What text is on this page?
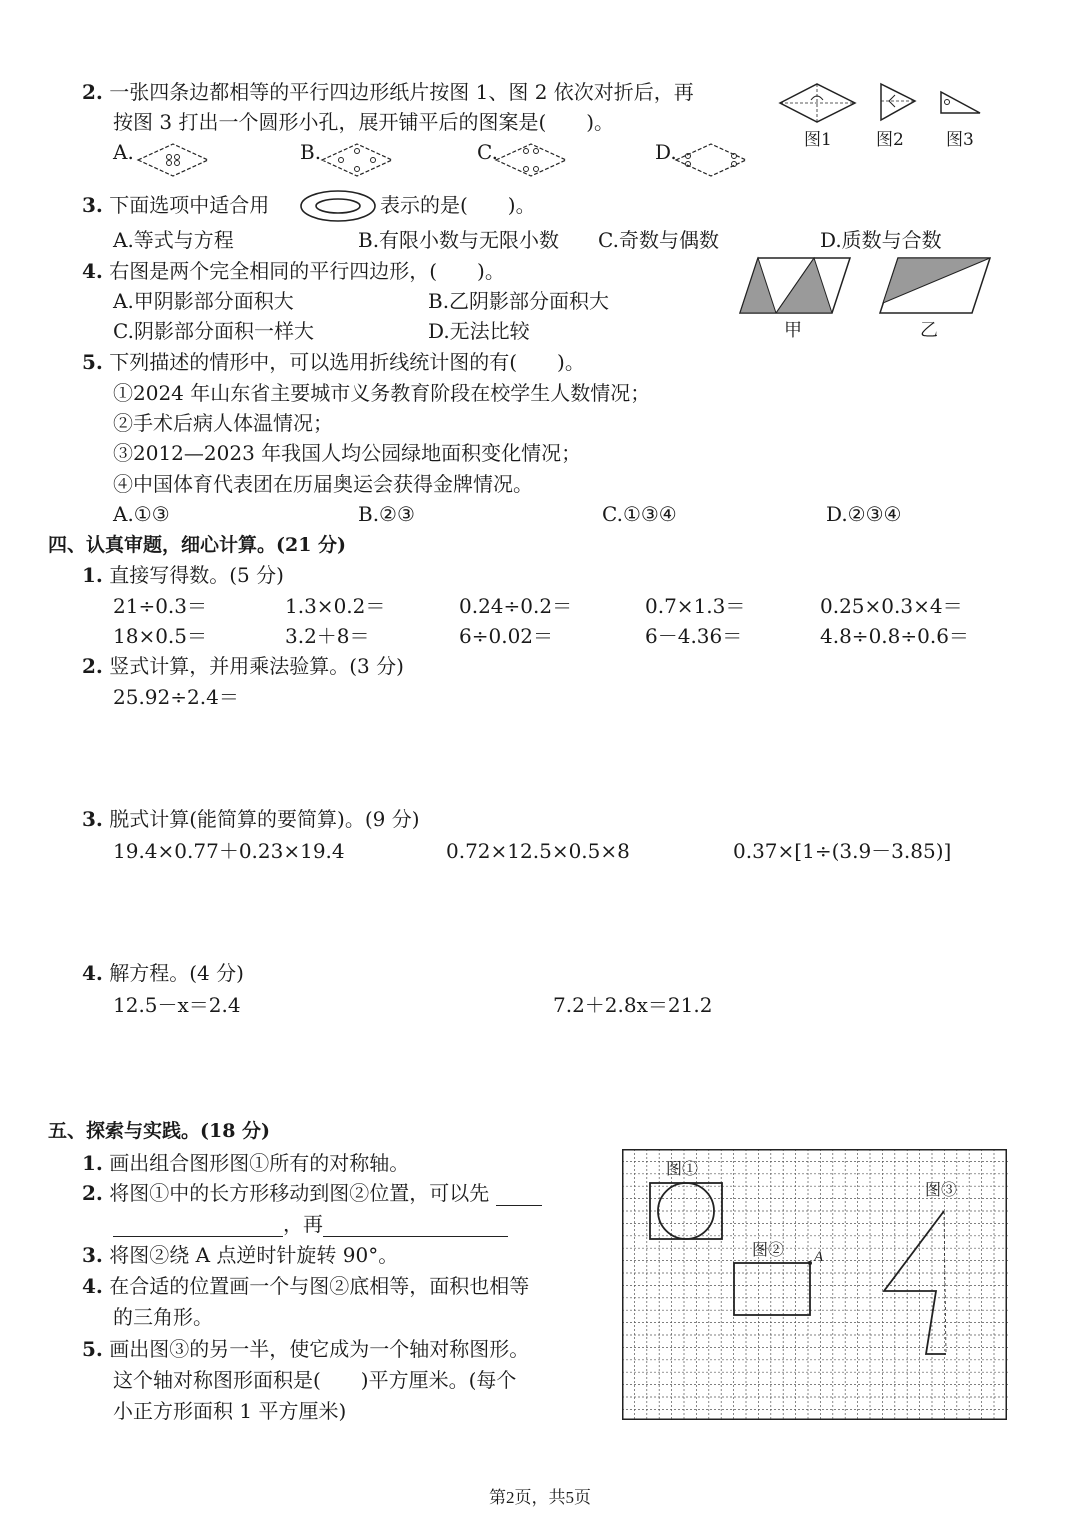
2. 一张四条边都相等的平行四边形纸片按图 1、图 2 依次对折后，再
按图 3 打出一个圆形小孔，展开铺平后的图案是(　　)。
图1	图2 图3
A.	B.	C.	D.
3. 下面选项中适合用	表示的是(　　)。
A.等式与方程	B.有限小数与无限小数 C.奇数与偶数	D.质数与合数
4. 右图是两个完全相同的平行四边形，(　　)。
A.甲阴影部分面积大	B.乙阴影部分面积大
C.阴影部分面积一样大	D.无法比较	甲	乙
5. 下列描述的情形中，可以选用折线统计图的有(　　)。
①2024 年山东省主要城市义务教育阶段在校学生人数情况；
②手术后病人体温情况；
③2012—2023 年我国人均公园绿地面积变化情况；
④中国体育代表团在历届奥运会获得金牌情况。
A.①③	B.②③	C.①③④	D.②③④
四、认真审题，细心计算。(21 分)
1. 直接写得数。(5 分)
21÷0.3＝	1.3×0.2＝	0.24÷0.2＝	0.7×1.3＝	0.25×0.3×4＝
18×0.5＝	3.2＋8＝	6÷0.02＝	6－4.36＝	4.8÷0.8÷0.6＝
2. 竖式计算，并用乘法验算。(3 分)
25.92÷2.4＝
3. 脱式计算(能简算的要简算)。(9 分)
19.4×0.77＋0.23×19.4	0.72×12.5×0.5×8	0.37×[1÷(3.9－3.85)]
4. 解方程。(4 分)
12.5－x＝2.4	7.2＋2.8x＝21.2
五、探索与实践。(18 分)
1. 画出组合图形图①所有的对称轴。
2. 将图①中的长方形移动到图②位置，可以先
，再
3. 将图②绕 A 点逆时针旋转 90°。
4. 在合适的位置画一个与图②底相等，面积也相等
的三角形。
5. 画出图③的另一半，使它成为一个轴对称图形。
这个轴对称图形面积是(　　)平方厘米。(每个
小正方形面积 1 平方厘米)
图①
图②
图③
A
第2页，共5页
